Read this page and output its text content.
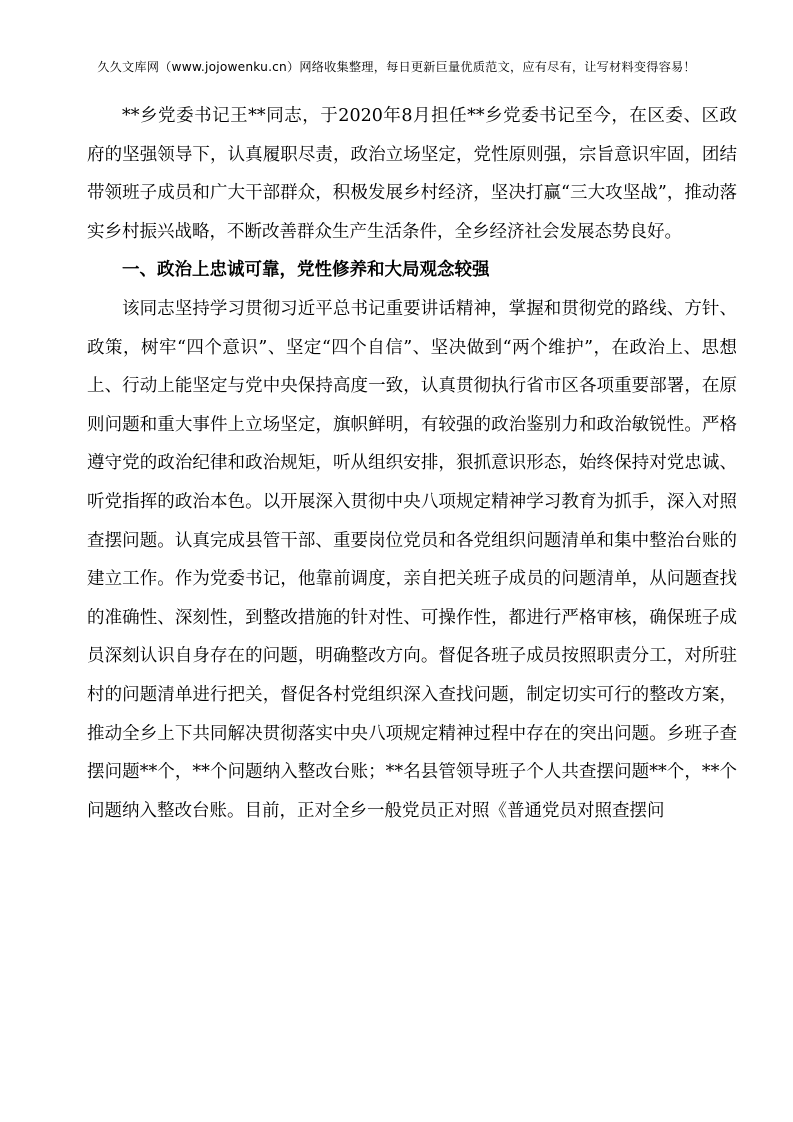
久久文库网（www.jojowenku.cn）网络收集整理，每日更新巨量优质范文，应有尽有，让写材料变得容易！

**乡党委书记王**同志，于2020年8月担任**乡党委书记至今，在区委、区政府的坚强领导下，认真履职尽责，政治立场坚定，党性原则强，宗旨意识牢固，团结带领班子成员和广大干部群众，积极发展乡村经济，坚决打赢“三大攻坚战”，推动落实乡村振兴战略，不断改善群众生产生活条件，全乡经济社会发展态势良好。

一、政治上忠诚可靠，党性修养和大局观念较强

该同志坚持学习贯彻习近平总书记重要讲话精神，掌握和贯彻党的路线、方针、政策，树牢“四个意识”、坚定“四个自信”、坚决做到“两个维护”，在政治上、思想上、行动上能坚定与党中央保持高度一致，认真贯彻执行省市区各项重要部署，在原则问题和重大事件上立场坚定，旗帜鲜明，有较强的政治鉴别力和政治敏锐性。严格遵守党的政治纪律和政治规矩，听从组织安排，狠抓意识形态，始终保持对党忠诚、听党指挥的政治本色。以开展深入贯彻中央八项规定精神学习教育为抓手，深入对照查摆问题。认真完成县管干部、重要岗位党员和各党组织问题清单和集中整治台账的建立工作。作为党委书记，他靠前调度，亲自把关班子成员的问题清单，从问题查找的准确性、深刻性，到整改措施的针对性、可操作性，都进行严格审核，确保班子成员深刻认识自身存在的问题，明确整改方向。督促各班子成员按照职责分工，对所驻村的问题清单进行把关，督促各村党组织深入查找问题，制定切实可行的整改方案，推动全乡上下共同解决贯彻落实中央八项规定精神过程中存在的突出问题。乡班子查摆问题**个，**个问题纳入整改台账；**名县管领导班子个人共查摆问题**个，**个问题纳入整改台账。目前，正对全乡一般党员正对照《普通党员对照查摆问
